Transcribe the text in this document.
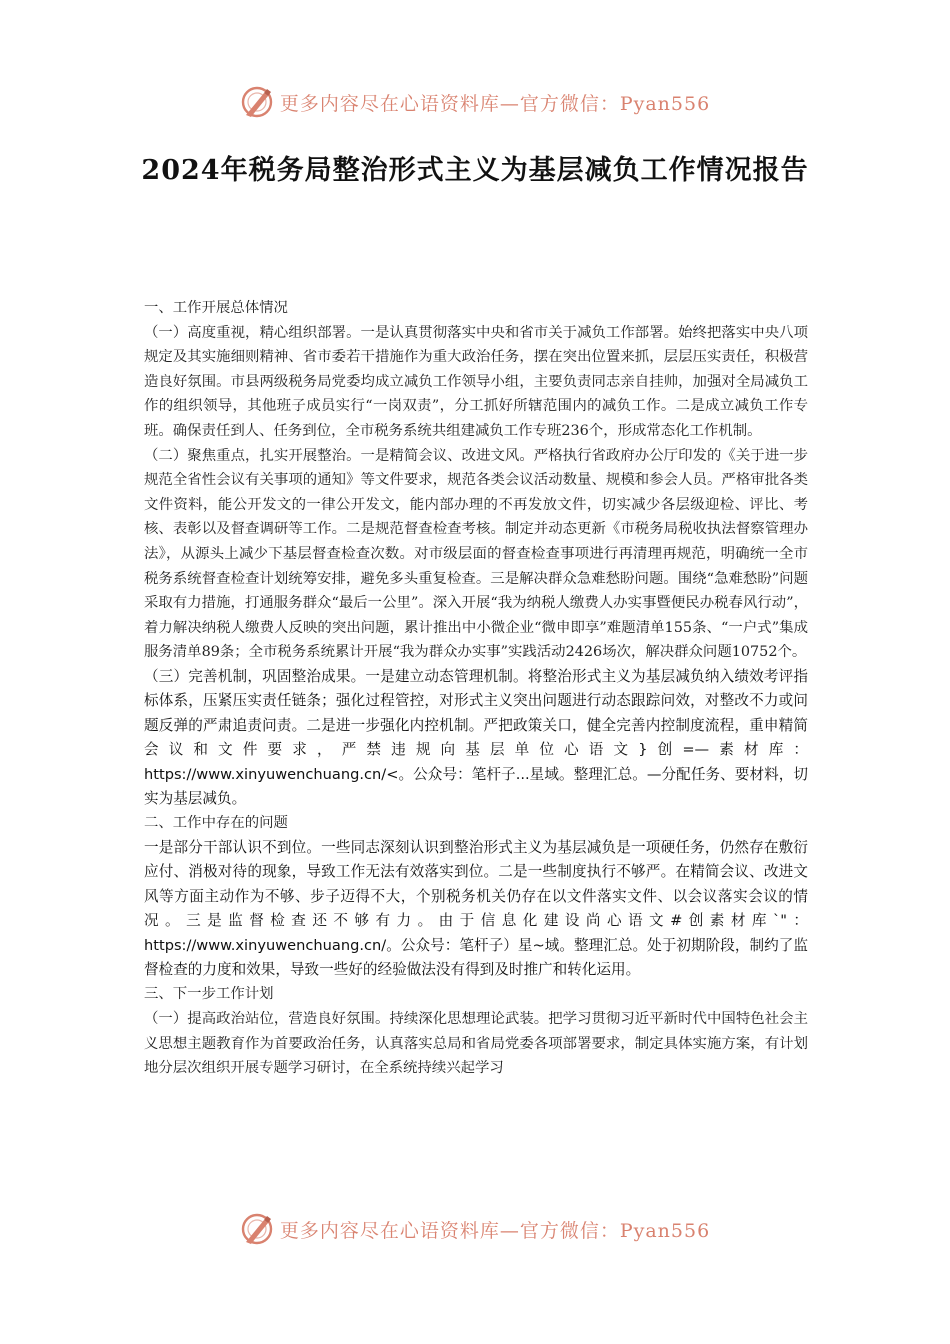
更多内容尽在心语资料库—官方微信：Pyan556
2024年税务局整治形式主义为基层减负工作情况报告

一、工作开展总体情况

（一）高度重视，精心组织部署。一是认真贯彻落实中央和省市关于减负工作部署。始终把落实中央八项规定及其实施细则精神、省市委若干措施作为重大政治任务，摆在突出位置来抓，层层压实责任，积极营造良好氛围。市县两级税务局党委均成立减负工作领导小组，主要负责同志亲自挂帅，加强对全局减负工作的组织领导，其他班子成员实行“一岗双责”，分工抓好所辖范围内的减负工作。二是成立减负工作专班。确保责任到人、任务到位，全市税务系统共组建减负工作专班236个，形成常态化工作机制。

（二）聚焦重点，扎实开展整治。一是精简会议、改进文风。严格执行省政府办公厅印发的《关于进一步规范全省性会议有关事项的通知》等文件要求，规范各类会议活动数量、规模和参会人员。严格审批各类文件资料，能公开发文的一律公开发文，能内部办理的不再发放文件，切实减少各层级迎检、评比、考核、表彰以及督查调研等工作。二是规范督查检查考核。制定并动态更新《市税务局税收执法督察管理办法》，从源头上减少下基层督查检查次数。对市级层面的督查检查事项进行再清理再规范，明确统一全市税务系统督查检查计划统筹安排，避免多头重复检查。三是解决群众急难愁盼问题。围绕“急难愁盼”问题采取有力措施，打通服务群众“最后一公里”。深入开展“我为纳税人缴费人办实事暨便民办税春风行动”，着力解决纳税人缴费人反映的突出问题，累计推出中小微企业“微申即享”难题清单155条、“一户式”集成服务清单89条；全市税务系统累计开展“我为群众办实事”实践活动2426场次，解决群众问题10752个。

（三）完善机制，巩固整治成果。一是建立动态管理机制。将整治形式主义为基层减负纳入绩效考评指标体系，压紧压实责任链条；强化过程管控，对形式主义突出问题进行动态跟踪问效，对整改不力或问题反弹的严肃追责问责。二是进一步强化内控机制。严把政策关口，健全完善内控制度流程，重申精简会议和文件要求，严禁违规向基层单位心语文}创=—素材库：https://www.xinyuwenchuang.cn/<。公众号：笔杆子...星域。整理汇总。—分配任务、要材料，切实为基层减负。

二、工作中存在的问题

一是部分干部认识不到位。一些同志深刻认识到整治形式主义为基层减负是一项硬任务，仍然存在敷衍应付、消极对待的现象，导致工作无法有效落实到位。二是一些制度执行不够严。在精简会议、改进文风等方面主动作为不够、步子迈得不大，个别税务机关仍存在以文件落实文件、以会议落实会议的情况。三是监督检查还不够有力。由于信息化建设尚心语文#创素材库`"：https://www.xinyuwenchuang.cn/。公众号：笔杆子）星~域。整理汇总。处于初期阶段，制约了监督检查的力度和效果，导致一些好的经验做法没有得到及时推广和转化运用。

三、下一步工作计划

（一）提高政治站位，营造良好氛围。持续深化思想理论武装。把学习贯彻习近平新时代中国特色社会主义思想主题教育作为首要政治任务，认真落实总局和省局党委各项部署要求，制定具体实施方案，有计划地分层次组织开展专题学习研讨，在全系统持续兴起学习

更多内容尽在心语资料库—官方微信：Pyan556
